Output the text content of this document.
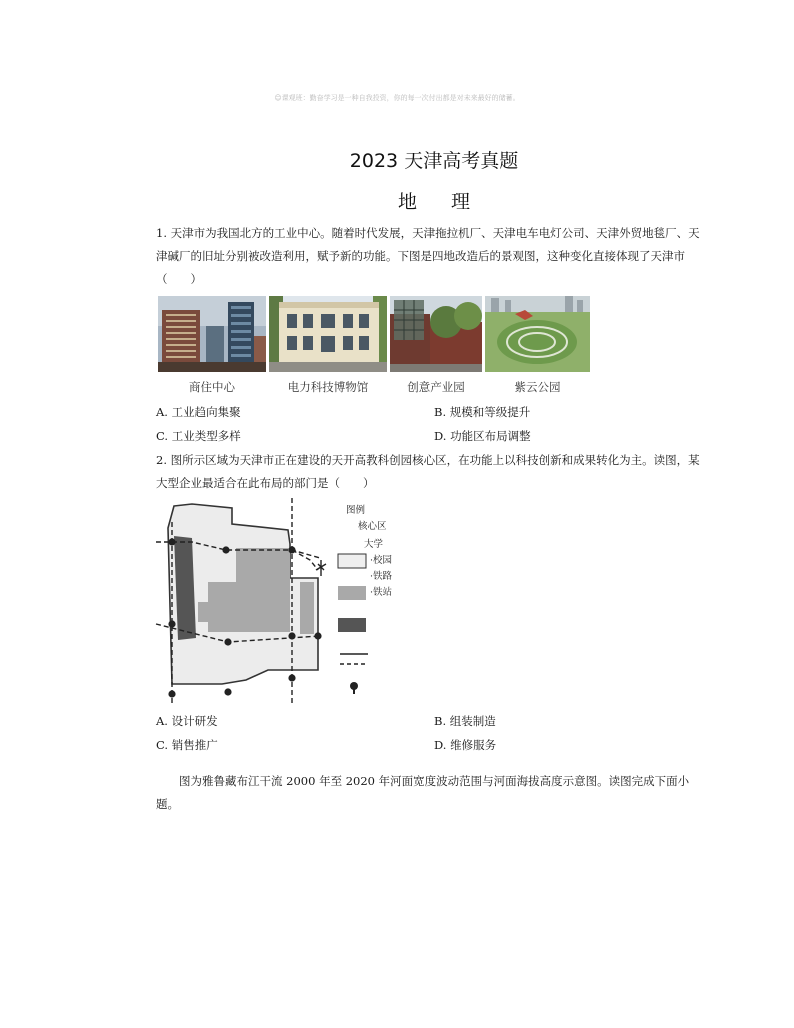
☺课观班：勤奋学习是一种自我投资，你的每一次付出都是对未来最好的储蓄。
2023 天津高考真题
地 理

1. 天津市为我国北方的工业中心。随着时代发展，天津拖拉机厂、天津电车电灯公司、天津外贸地毯厂、天津碱厂的旧址分别被改造利用，赋予新的功能。下图是四地改造后的景观图，这种变化直接体现了天津市（　　）

商住中心	电力科技博物馆	创意产业园	紫云公园
A. 工业趋向集聚	B. 规模和等级提升
C. 工业类型多样	D. 功能区布局调整

2. 图所示区域为天津市正在建设的天开高教科创园核心区，在功能上以科技创新和成果转化为主。读图，某大型企业最适合在此布局的部门是（　　）

图例
核心区
大学
·校园
·铁路
·铁站
A. 设计研发	B. 组装制造
C. 销售推广	D. 维修服务

图为雅鲁藏布江干流 2000 年至 2020 年河面宽度波动范围与河面海拔高度示意图。读图完成下面小题。
